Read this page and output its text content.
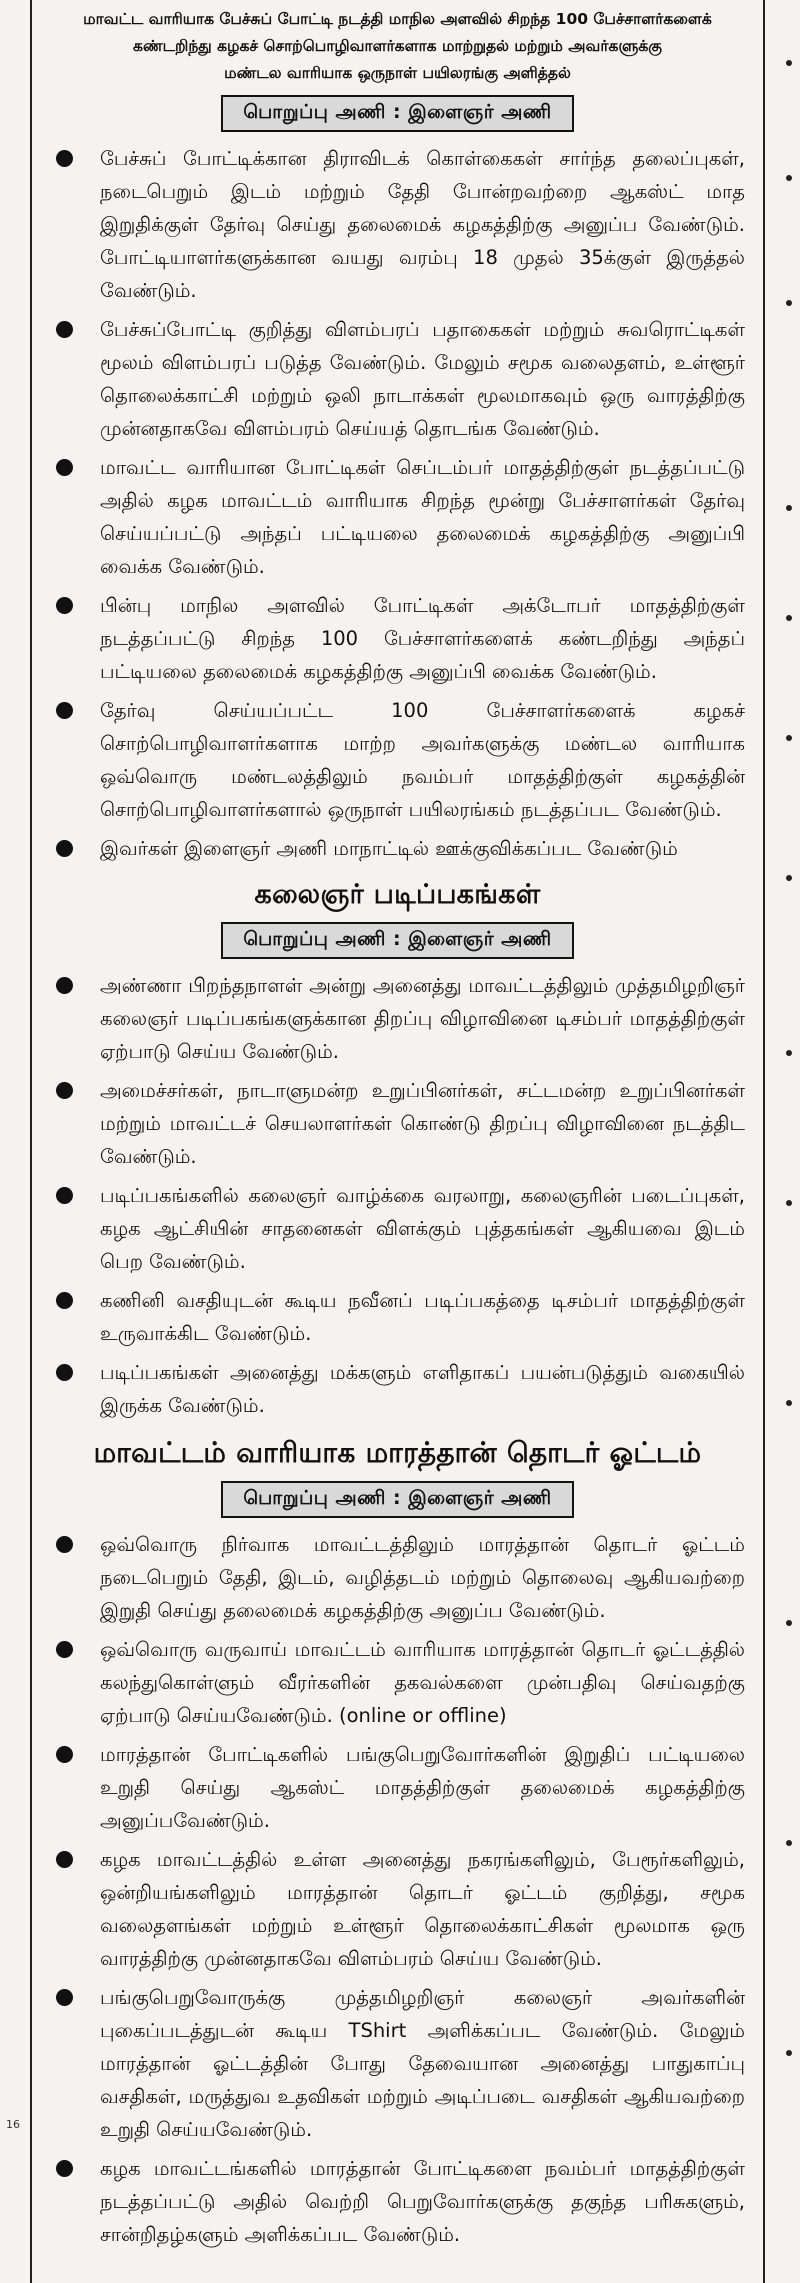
மாவட்ட வாரியாக பேச்சுப் போட்டி நடத்தி மாநில அளவில் சிறந்த 100 பேச்சாளர்களைக்
கண்டறிந்து கழகச் சொற்பொழிவாளர்களாக மாற்றுதல் மற்றும் அவர்களுக்கு
மண்டல வாரியாக ஒருநாள் பயிலரங்கு அளித்தல்
பொறுப்பு அணி : இளைஞர் அணி
பேச்சுப் போட்டிக்கான திராவிடக் கொள்கைகள் சார்ந்த தலைப்புகள், நடைபெறும் இடம் மற்றும் தேதி போன்றவற்றை ஆகஸ்ட் மாத இறுதிக்குள் தேர்வு செய்து தலைமைக் கழகத்திற்கு அனுப்ப வேண்டும். போட்டியாளர்களுக்கான வயது வரம்பு 18 முதல் 35க்குள் இருத்தல் வேண்டும்.
பேச்சுப்போட்டி குறித்து விளம்பரப் பதாகைகள் மற்றும் சுவரொட்டிகள் மூலம் விளம்பரப் படுத்த வேண்டும். மேலும் சமூக வலைதளம், உள்ளூர் தொலைக்காட்சி மற்றும் ஒலி நாடாக்கள் மூலமாகவும் ஒரு வாரத்திற்கு முன்னதாகவே விளம்பரம் செய்யத் தொடங்க வேண்டும்.
மாவட்ட வாரியான போட்டிகள் செப்டம்பர் மாதத்திற்குள் நடத்தப்பட்டு அதில் கழக மாவட்டம் வாரியாக சிறந்த மூன்று பேச்சாளர்கள் தேர்வு செய்யப்பட்டு அந்தப் பட்டியலை தலைமைக் கழகத்திற்கு அனுப்பி வைக்க வேண்டும்.
பின்பு மாநில அளவில் போட்டிகள் அக்டோபர் மாதத்திற்குள் நடத்தப்பட்டு சிறந்த 100 பேச்சாளர்களைக் கண்டறிந்து அந்தப் பட்டியலை தலைமைக் கழகத்திற்கு அனுப்பி வைக்க வேண்டும்.
தேர்வு செய்யப்பட்ட 100 பேச்சாளர்களைக் கழகச் சொற்பொழிவாளர்களாக மாற்ற அவர்களுக்கு மண்டல வாரியாக ஒவ்வொரு மண்டலத்திலும் நவம்பர் மாதத்திற்குள் கழகத்தின் சொற்பொழிவாளர்களால் ஒருநாள் பயிலரங்கம் நடத்தப்பட வேண்டும்.
இவர்கள் இளைஞர் அணி மாநாட்டில் ஊக்குவிக்கப்பட வேண்டும்
கலைஞர் படிப்பகங்கள்
பொறுப்பு அணி : இளைஞர் அணி
அண்ணா பிறந்தநாளள் அன்று அனைத்து மாவட்டத்திலும் முத்தமிழறிஞர் கலைஞர் படிப்பகங்களுக்கான திறப்பு விழாவினை டிசம்பர் மாதத்திற்குள் ஏற்பாடு செய்ய வேண்டும்.
அமைச்சர்கள், நாடாளுமன்ற உறுப்பினர்கள், சட்டமன்ற உறுப்பினர்கள் மற்றும் மாவட்டச் செயலாளர்கள் கொண்டு திறப்பு விழாவினை நடத்திட வேண்டும்.
படிப்பகங்களில் கலைஞர் வாழ்க்கை வரலாறு, கலைஞரின் படைப்புகள், கழக ஆட்சியின் சாதனைகள் விளக்கும் புத்தகங்கள் ஆகியவை இடம் பெற வேண்டும்.
கணினி வசதியுடன் கூடிய நவீனப் படிப்பகத்தை டிசம்பர் மாதத்திற்குள் உருவாக்கிட வேண்டும்.
படிப்பகங்கள் அனைத்து மக்களும் எளிதாகப் பயன்படுத்தும் வகையில் இருக்க வேண்டும்.
மாவட்டம் வாரியாக மாரத்தான் தொடர் ஓட்டம்
பொறுப்பு அணி : இளைஞர் அணி
ஒவ்வொரு நிர்வாக மாவட்டத்திலும் மாரத்தான் தொடர் ஓட்டம் நடைபெறும் தேதி, இடம், வழித்தடம் மற்றும் தொலைவு ஆகியவற்றை இறுதி செய்து தலைமைக் கழகத்திற்கு அனுப்ப வேண்டும்.
ஒவ்வொரு வருவாய் மாவட்டம் வாரியாக மாரத்தான் தொடர் ஓட்டத்தில் கலந்துகொள்ளும் வீரர்களின் தகவல்களை முன்பதிவு செய்வதற்கு ஏற்பாடு செய்யவேண்டும். (online or offline)
மாரத்தான் போட்டிகளில் பங்குபெறுவோர்களின் இறுதிப் பட்டியலை உறுதி செய்து ஆகஸ்ட் மாதத்திற்குள் தலைமைக் கழகத்திற்கு அனுப்பவேண்டும்.
கழக மாவட்டத்தில் உள்ள அனைத்து நகரங்களிலும், பேரூர்களிலும், ஒன்றியங்களிலும் மாரத்தான் தொடர் ஓட்டம் குறித்து, சமூக வலைதளங்கள் மற்றும் உள்ளூர் தொலைக்காட்சிகள் மூலமாக ஒரு வாரத்திற்கு முன்னதாகவே விளம்பரம் செய்ய வேண்டும்.
பங்குபெறுவோருக்கு முத்தமிழறிஞர் கலைஞர் அவர்களின் புகைப்படத்துடன் கூடிய TShirt அளிக்கப்பட வேண்டும். மேலும் மாரத்தான் ஓட்டத்தின் போது தேவையான அனைத்து பாதுகாப்பு வசதிகள், மருத்துவ உதவிகள் மற்றும் அடிப்படை வசதிகள் ஆகியவற்றை உறுதி செய்யவேண்டும்.
கழக மாவட்டங்களில் மாரத்தான் போட்டிகளை நவம்பர் மாதத்திற்குள் நடத்தப்பட்டு அதில் வெற்றி பெறுவோர்களுக்கு தகுந்த பரிசுகளும், சான்றிதழ்களும் அளிக்கப்பட வேண்டும்.
16
